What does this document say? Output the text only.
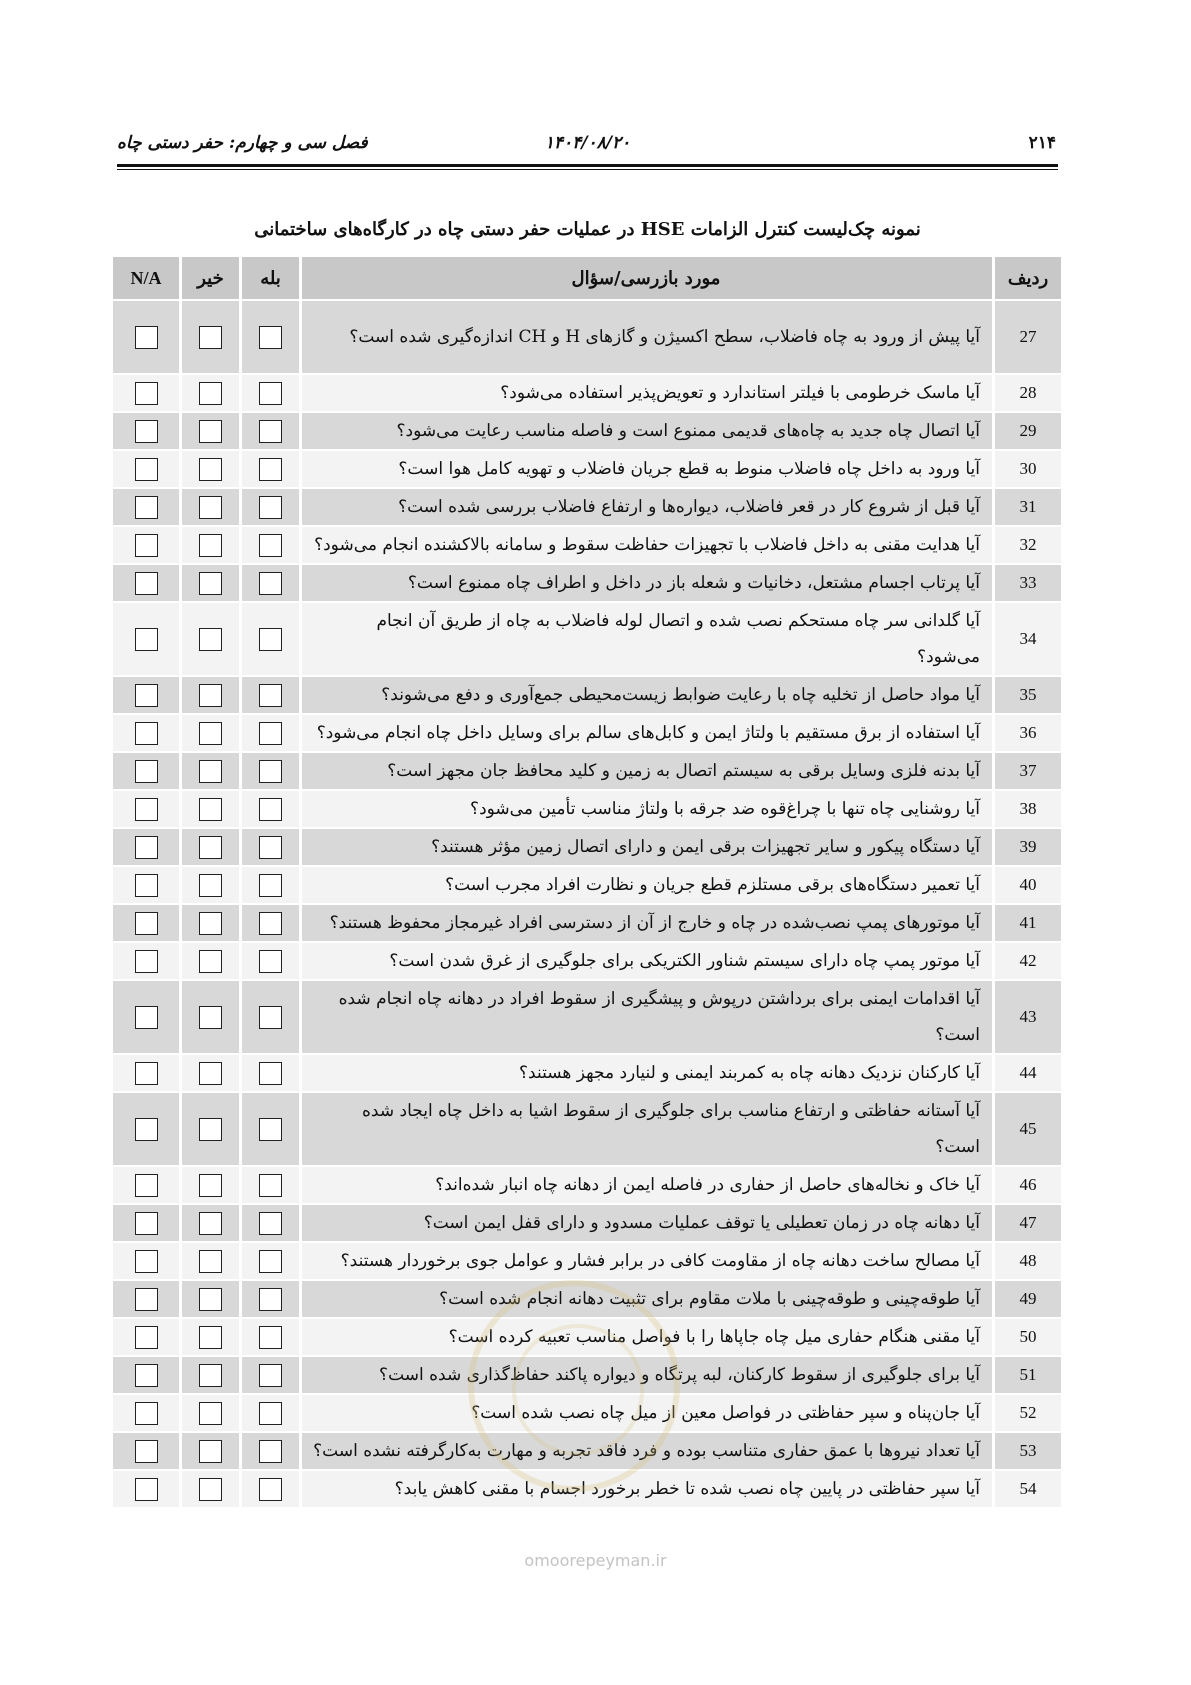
۲۱۴
۱۴۰۴/۰۸/۲۰
فصل سی و چهارم: حفر دستی چاه
نمونه چک‌لیست کنترل الزامات HSE در عملیات حفر دستی چاه در کارگاه‌های ساختمانی
ردیف	مورد بازرسی/سؤال	بله	خیر	N/A
27	آیا پیش از ورود به چاه فاضلاب، سطح اکسیژن و گازهای H و CH اندازه‌گیری شده است؟			
28	آیا ماسک خرطومی با فیلتر استاندارد و تعویض‌پذیر استفاده می‌شود؟			
29	آیا اتصال چاه جدید به چاه‌های قدیمی ممنوع است و فاصله مناسب رعایت می‌شود؟			
30	آیا ورود به داخل چاه فاضلاب منوط به قطع جریان فاضلاب و تهویه کامل هوا است؟			
31	آیا قبل از شروع کار در قعر فاضلاب، دیواره‌ها و ارتفاع فاضلاب بررسی شده است؟			
32	آیا هدایت مقنی به داخل فاضلاب با تجهیزات حفاظت سقوط و سامانه بالاکشنده انجام می‌شود؟			
33	آیا پرتاب اجسام مشتعل، دخانیات و شعله باز در داخل و اطراف چاه ممنوع است؟			
34	آیا گلدانی سر چاه مستحکم نصب شده و اتصال لوله فاضلاب به چاه از طریق آن انجام می‌شود؟			
35	آیا مواد حاصل از تخلیه چاه با رعایت ضوابط زیست‌محیطی جمع‌آوری و دفع می‌شوند؟			
36	آیا استفاده از برق مستقیم با ولتاژ ایمن و کابل‌های سالم برای وسایل داخل چاه انجام می‌شود؟			
37	آیا بدنه فلزی وسایل برقی به سیستم اتصال به زمین و کلید محافظ جان مجهز است؟			
38	آیا روشنایی چاه تنها با چراغ‌قوه ضد جرقه با ولتاژ مناسب تأمین می‌شود؟			
39	آیا دستگاه پیکور و سایر تجهیزات برقی ایمن و دارای اتصال زمین مؤثر هستند؟			
40	آیا تعمیر دستگاه‌های برقی مستلزم قطع جریان و نظارت افراد مجرب است؟			
41	آیا موتورهای پمپ نصب‌شده در چاه و خارج از آن از دسترسی افراد غیرمجاز محفوظ هستند؟			
42	آیا موتور پمپ چاه دارای سیستم شناور الکتریکی برای جلوگیری از غرق شدن است؟			
43	آیا اقدامات ایمنی برای برداشتن درپوش و پیشگیری از سقوط افراد در دهانه چاه انجام شده است؟			
44	آیا کارکنان نزدیک دهانه چاه به کمربند ایمنی و لنیارد مجهز هستند؟			
45	آیا آستانه حفاظتی و ارتفاع مناسب برای جلوگیری از سقوط اشیا به داخل چاه ایجاد شده است؟			
46	آیا خاک و نخاله‌های حاصل از حفاری در فاصله ایمن از دهانه چاه انبار شده‌اند؟			
47	آیا دهانه چاه در زمان تعطیلی یا توقف عملیات مسدود و دارای قفل ایمن است؟			
48	آیا مصالح ساخت دهانه چاه از مقاومت کافی در برابر فشار و عوامل جوی برخوردار هستند؟			
49	آیا طوقه‌چینی و طوقه‌چینی با ملات مقاوم برای تثبیت دهانه انجام شده است؟			
50	آیا مقنی هنگام حفاری میل چاه جاپاها را با فواصل مناسب تعبیه کرده است؟			
51	آیا برای جلوگیری از سقوط کارکنان، لبه پرتگاه و دیواره پاکند حفاظ‌گذاری شده است؟			
52	آیا جان‌پناه و سپر حفاظتی در فواصل معین از میل چاه نصب شده است؟			
53	آیا تعداد نیروها با عمق حفاری متناسب بوده و فرد فاقد تجربه و مهارت به‌کارگرفته نشده است؟			
54	آیا سپر حفاظتی در پایین چاه نصب شده تا خطر برخورد اجسام با مقنی کاهش یابد؟			
omoorepeyman.ir
